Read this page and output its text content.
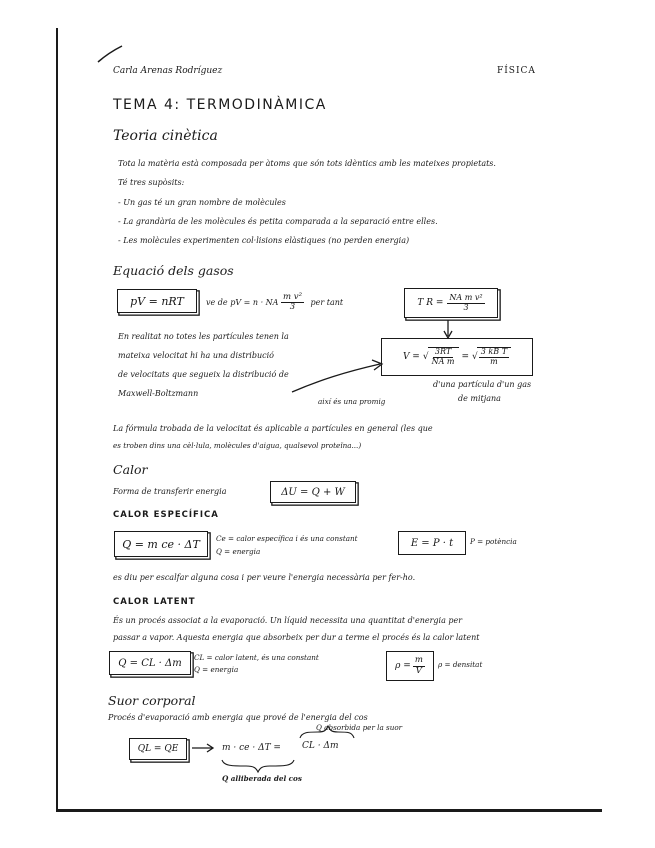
Carla Arenas Rodríguez	FÍSICA
TEMA 4: TERMODINÀMICA
Teoria cinètica
Tota la matèria està composada per àtoms que són tots idèntics amb les mateixes propietats.
Té tres supòsits:
- Un gas té un gran nombre de molècules
- La grandària de les molècules és petita comparada a la separació entre elles.
- Les molècules experimenten col·lisions elàstiques (no perden energia)
Equació dels gasos
pV = nRT	ve de pV = n · NA $\frac{\text{m v²}}{3}$ per tant	T $R = \frac{\text{NA m v²}}{3}$
En realitat no totes les partícules tenen la
mateixa velocitat hi ha una distribució
de velocitats que segueix la distribució de
Maxwell-Boltzmann
així és una promig
V = √ $\frac{3RT}{\text{NA m}}$ = √ $\frac{\text{3 kB T}}{m}$
d'una partícula d'un gas
de mitjana
La fórmula trobada de la velocitat és aplicable a partícules en general (les que
es troben dins una cèl·lula, molècules d'aigua, qualsevol proteïna...)
Calor
Forma de transferir energia	ΔU = Q + W
CALOR ESPECÍFICA
Q = m ce · ΔT	Ce = calor específica i és una constant
Q = energia
E = P · t	P = potència
es diu per escalfar alguna cosa i per veure l'energia necessària per fer-ho.
CALOR LATENT
És un procés associat a la evaporació. Un líquid necessita una quantitat d'energia per
passar a vapor. Aquesta energia que absorbeix per dur a terme el procés és la calor latent
Q = CL · Δm	CL = calor latent, és una constant
Q = energia	$\rho = \frac{m}{V}$ ρ = densitat
Suor corporal
Procés d'evaporació amb energia que prové de l'energia del cos
QL = QE	m · ce · ΔT = CL · Δm
Q absorbida per la suor
Q alliberada del cos
